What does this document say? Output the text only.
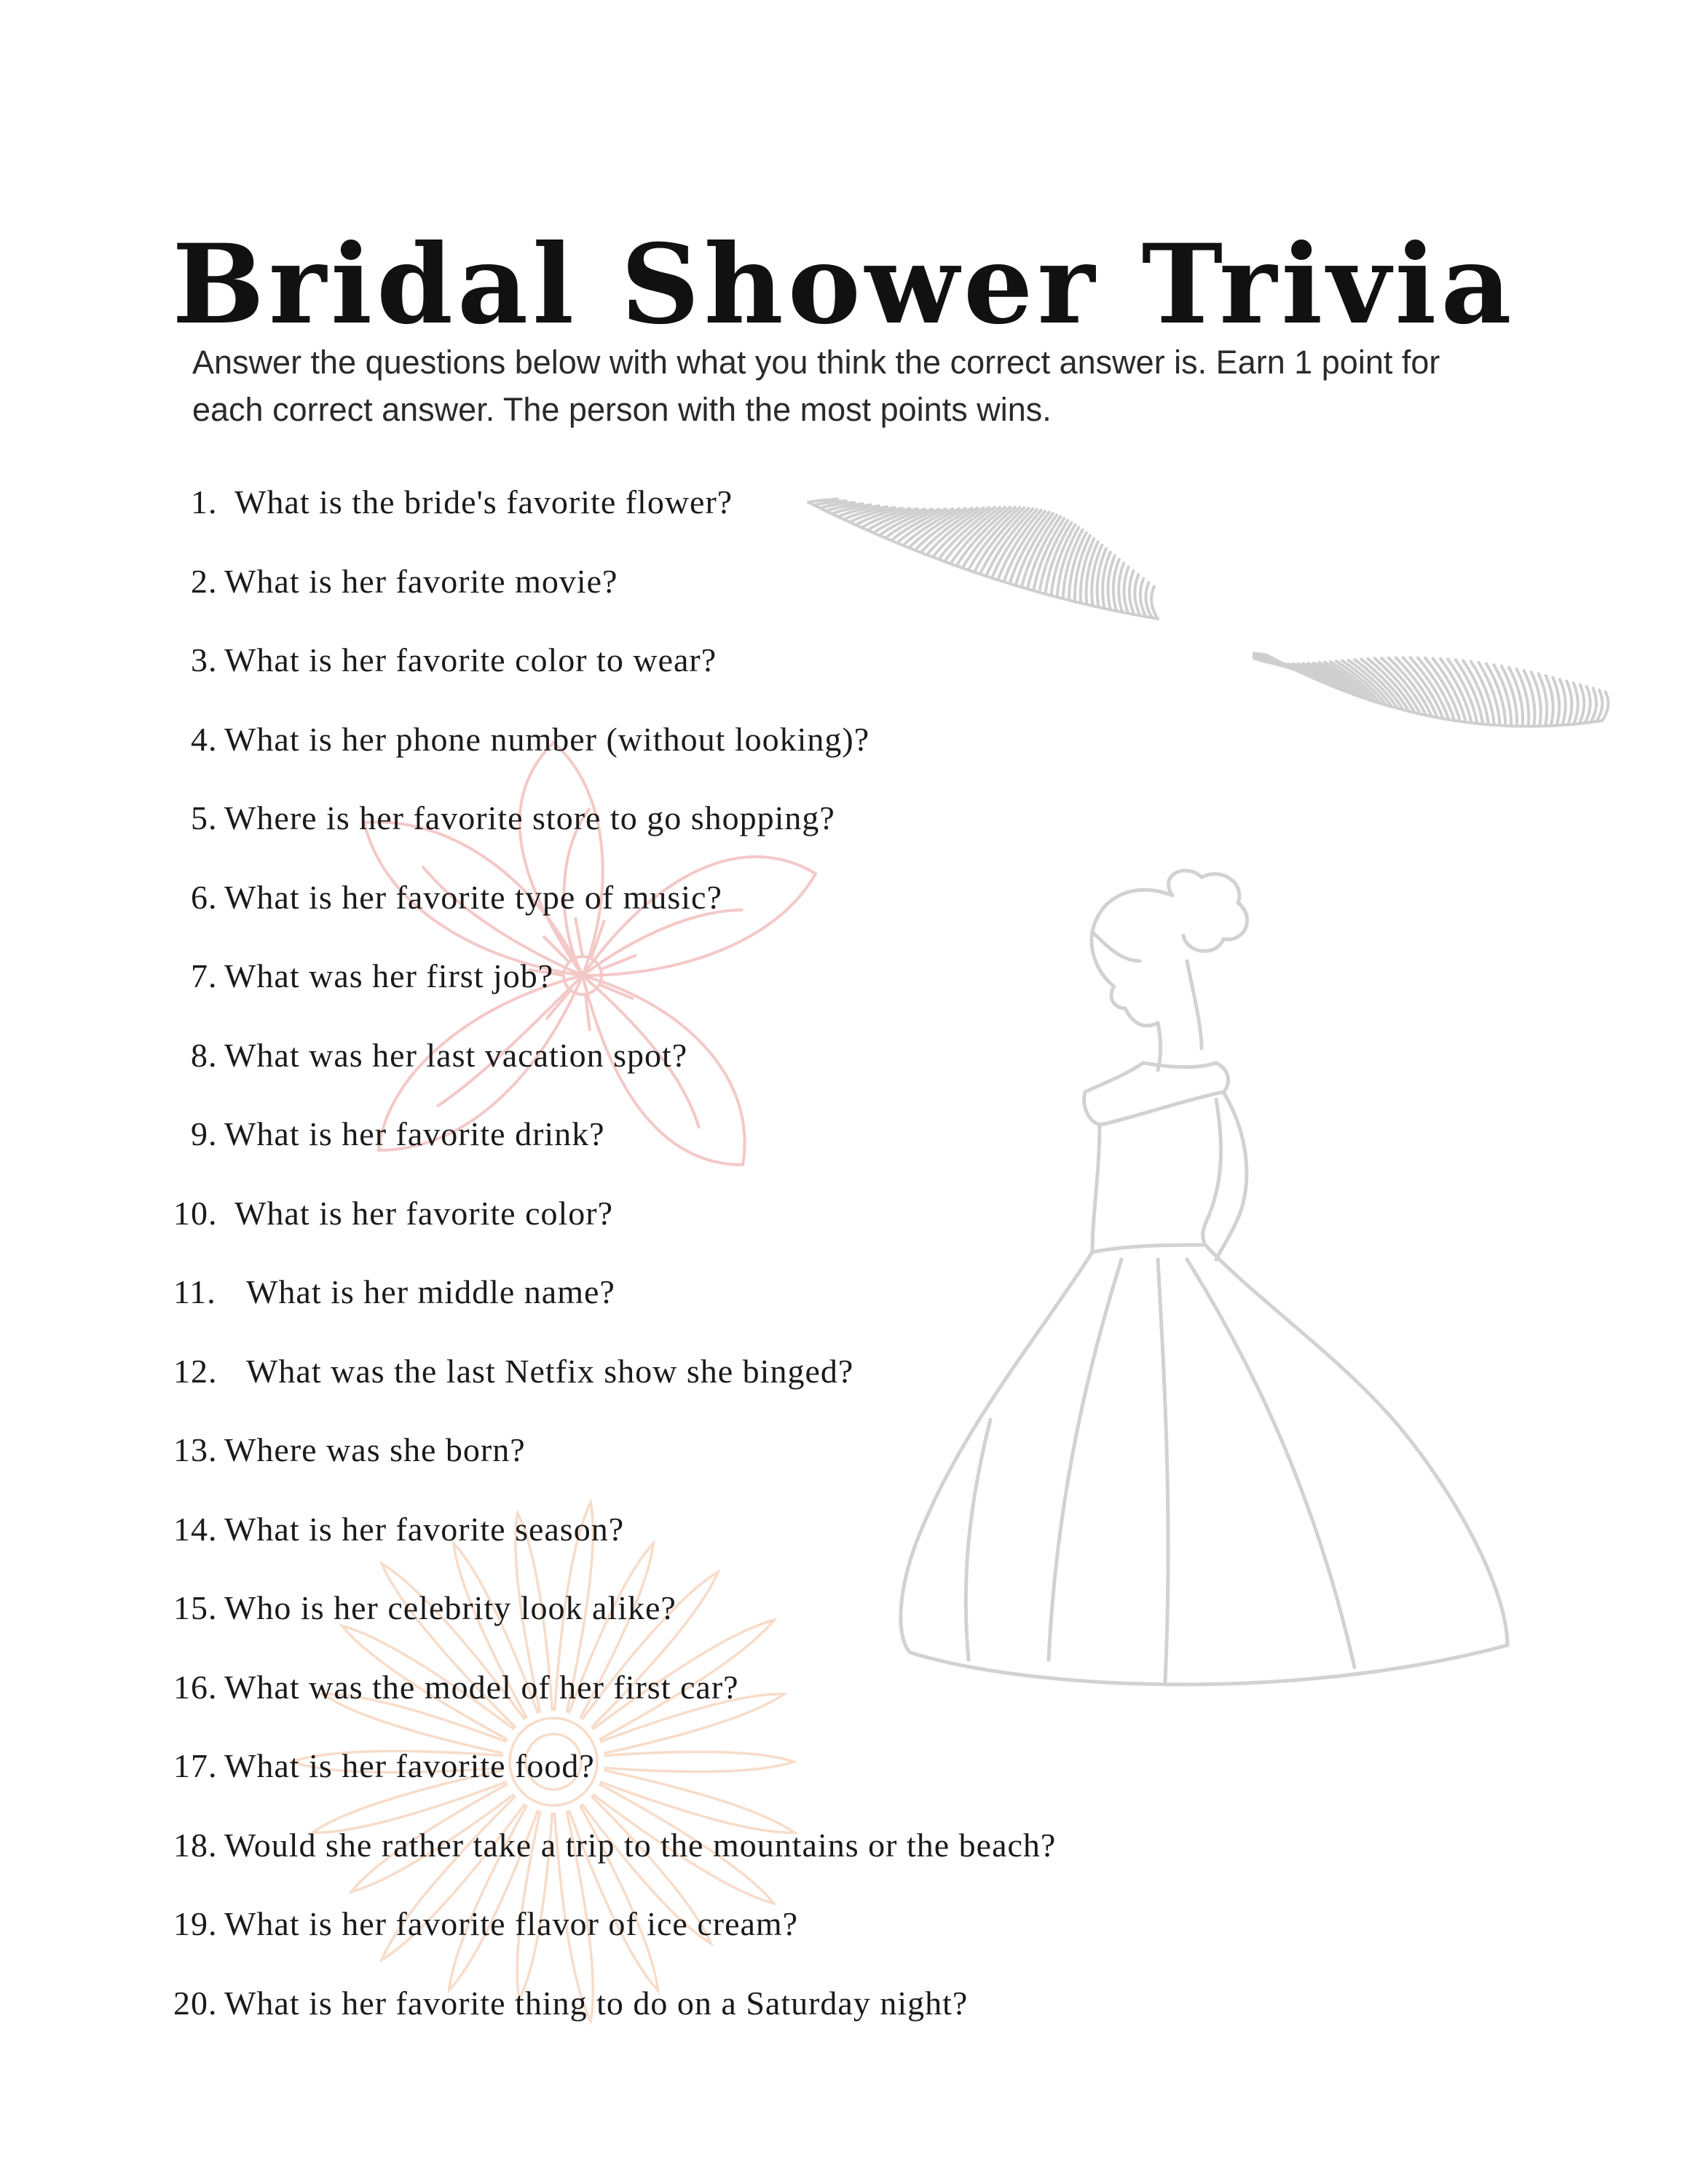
Bridal Shower Trivia

Answer the questions below with what you think the correct answer is. Earn 1 point for each correct answer. The person with the most points wins.

1. What is the bride's favorite flower?
2. What is her favorite movie?
3. What is her favorite color to wear?
4. What is her phone number (without looking)?
5. Where is her favorite store to go shopping?
6. What is her favorite type of music?
7. What was her first job?
8. What was her last vacation spot?
9. What is her favorite drink?
10. What is her favorite color?
11. What is her middle name?
12. What was the last Netfix show she binged?
13. Where was she born?
14. What is her favorite season?
15. Who is her celebrity look alike?
16. What was the model of her first car?
17. What is her favorite food?
18. Would she rather take a trip to the mountains or the beach?
19. What is her favorite flavor of ice cream?
20. What is her favorite thing to do on a Saturday night?
